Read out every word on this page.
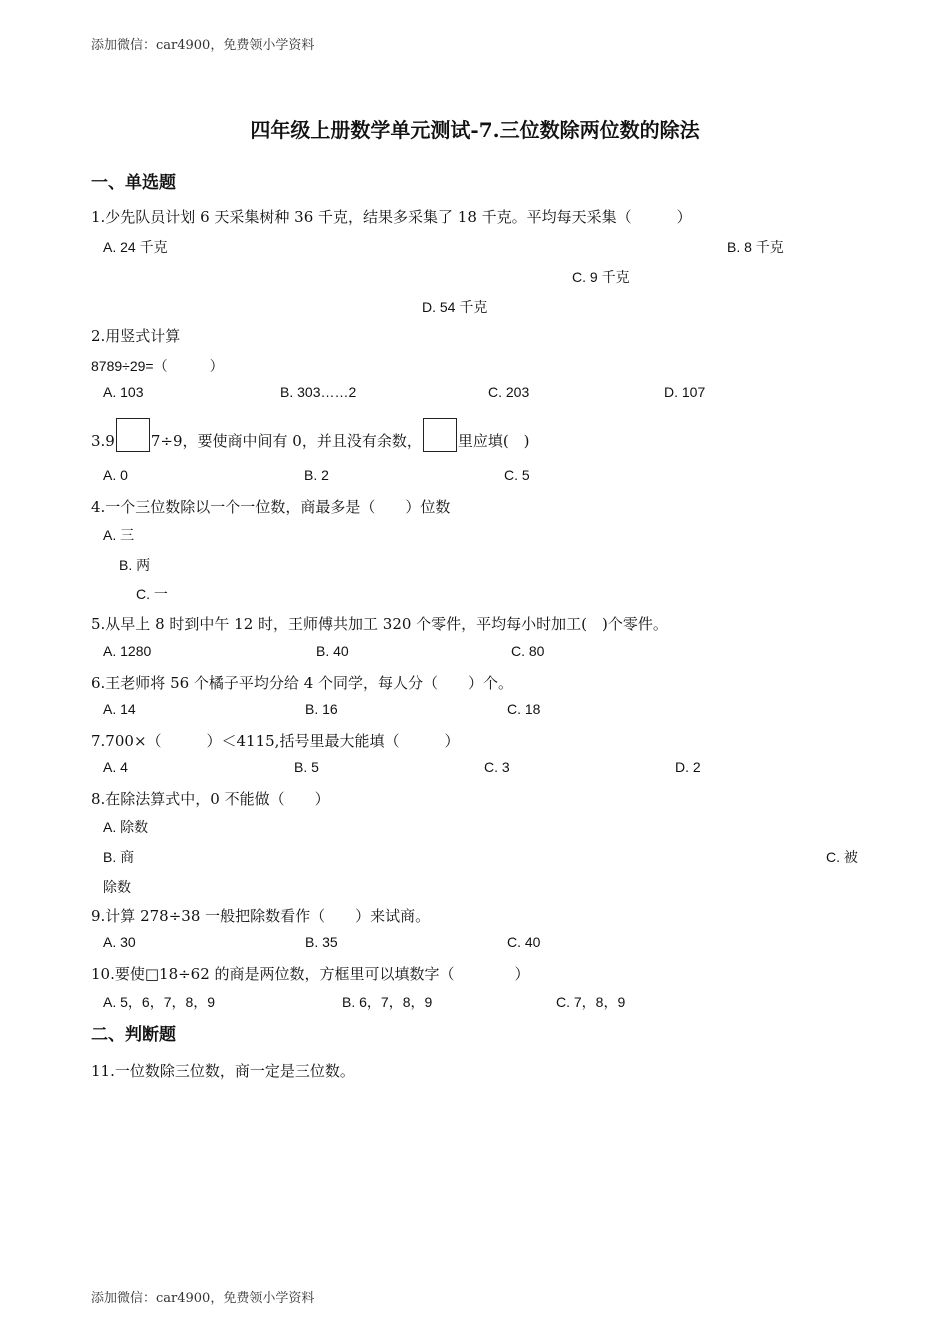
添加微信：car4900，免费领小学资料
四年级上册数学单元测试-7.三位数除两位数的除法
一、单选题
1.少先队员计划 6 天采集树种 36 千克，结果多采集了 18 千克。平均每天采集（　　　）
A. 24 千克	B. 8 千克
C. 9 千克
D. 54 千克
2.用竖式计算
8789÷29=（　　　）
A. 103	B. 303……2	C. 203	D. 107
3.9 7÷9，要使商中间有 0，并且没有余数， 里应填(　)
A. 0	B. 2	C. 5
4.一个三位数除以一个一位数，商最多是（　　）位数
A. 三
B. 两
C. 一
5.从早上 8 时到中午 12 时，王师傅共加工 320 个零件，平均每小时加工(　)个零件。
A. 1280	B. 40	C. 80
6.王老师将 56 个橘子平均分给 4 个同学，每人分（　　）个。
A. 14	B. 16	C. 18
7.700×（　　　）＜4115,括号里最大能填（　　　）
A. 4	B. 5	C. 3	D. 2
8.在除法算式中，0 不能做（　　）
A. 除数
B. 商	C. 被
除数
9.计算 278÷38 一般把除数看作（　　）来试商。
A. 30	B. 35	C. 40
10.要使□18÷62 的商是两位数，方框里可以填数字（　　　　）
A. 5，6，7，8，9	B. 6，7，8，9	C. 7，8，9
二、判断题
11.一位数除三位数，商一定是三位数。
添加微信：car4900，免费领小学资料
